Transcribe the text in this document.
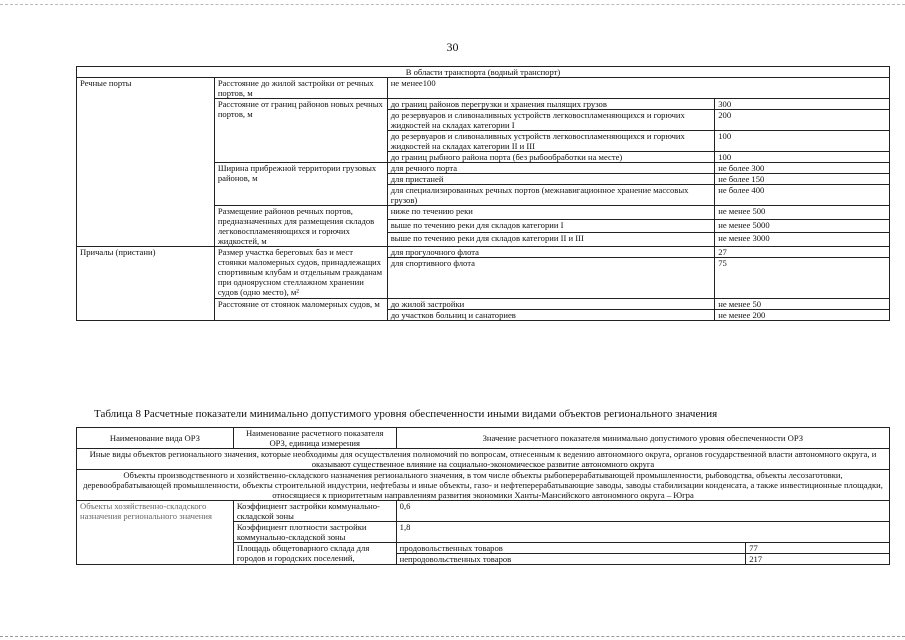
30
В области транспорта (водный транспорт)			
Речные порты	Расстояние до жилой застройки от речных портов, м	не менее100	
	Расстояние от границ районов новых речных портов, м	до границ районов перегрузки и хранения пылящих грузов	300
		до резервуаров и сливоналивных устройств легковоспламеняющихся и горючих жидкостей на складах категории I	200
		до резервуаров и сливоналивных устройств легковоспламеняющихся и горючих жидкостей на складах категории II и III	100
		до границ рыбного района порта (без рыбообработки на месте)	100
	Ширина прибрежной территории грузовых районов, м	для речного порта	не более 300
		для пристаней	не более 150
		для специализированных речных портов (межнавигационное хранение массовых грузов)	не более 400
	Размещение районов речных портов, предназначенных для размещения складов легковоспламеняющихся и горючих жидкостей, м	ниже по течению реки	не менее 500
		выше по течению реки для складов категории I	не менее 5000
		выше по течению реки для складов категории II и III	не менее 3000
Причалы (пристани)	Размер участка береговых баз и мест стоянки маломерных судов, принадлежащих спортивным клубам и отдельным гражданам при одноярусном стеллажном хранении судов (одно место), м²	для прогулочного флота	27
		для спортивного флота	75
	Расстояние от стоянок маломерных судов, м	до жилой застройки	не менее 50
		до участков больниц и санаториев	не менее 200
Таблица 8 Расчетные показатели минимально допустимого уровня обеспеченности иными видами объектов регионального значения
Наименование вида ОРЗ	Наименование расчетного показателя ОРЗ, единица измерения	Значение расчетного показателя минимально допустимого уровня обеспеченности ОРЗ	
Иные виды объектов регионального значения, которые необходимы для осуществления полномочий по вопросам, отнесенным к ведению автономного округа, органов государственной власти автономного округа, и оказывают существенное влияние на социально-экономическое развитие автономного округа			
Объекты производственного и хозяйственно-складского назначения регионального значения, в том числе объекты рыбоперерабатывающей промышленности, рыбоводства, объекты лесозаготовки, деревообрабатывающей промышленности, объекты строительной индустрии, нефтебазы и иные объекты, газо- и нефтеперерабатывающие заводы, заводы стабилизации конденсата, а также инвестиционные площадки, относящиеся к приоритетным направлениям развития экономики Ханты-Мансийского автономного округа – Югра			
Объекты хозяйственно-складского назначения регионального значения	Коэффициент застройки коммунально-складской зоны	0,6	
	Коэффициент плотности застройки коммунально-складской зоны	1,8	
	Площадь общетоварного склада для городов и городских поселений,	продовольственных товаров	77
		непродовольственных товаров	217
